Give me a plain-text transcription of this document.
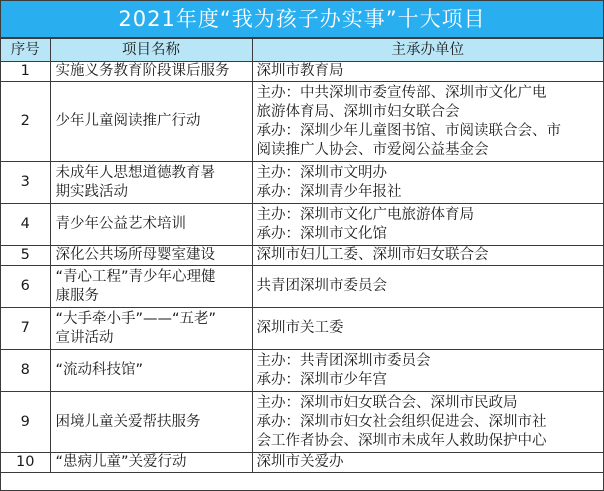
2021年度“我为孩子办实事”十大项目
序号	项目名称	主承办单位
1	实施义务教育阶段课后服务	深圳市教育局

2	少年儿童阅读推广行动	主办：中共深圳市委宣传部、深圳市文化广电
旅游体育局、深圳市妇女联合会
承办：深圳少年儿童图书馆、市阅读联合会、市
阅读推广人协会、市爱阅公益基金会

3	未成年人思想道德教育暑
期实践活动	主办：深圳市文明办
承办：深圳青少年报社

4	青少年公益艺术培训	主办：深圳市文化广电旅游体育局
承办：深圳市文化馆

5	深化公共场所母婴室建设	深圳市妇儿工委、深圳市妇女联合会

6	“青心工程”青少年心理健
康服务	共青团深圳市委员会

7	“大手牵小手”——“五老”
宣讲活动	深圳市关工委

8	“流动科技馆”	主办：共青团深圳市委员会
承办：深圳市少年宫

9	困境儿童关爱帮扶服务	主办：深圳市妇女联合会、深圳市民政局
承办：深圳市妇女社会组织促进会、深圳市社
会工作者协会、深圳市未成年人救助保护中心

10	“患病儿童”关爱行动	深圳市关爱办
